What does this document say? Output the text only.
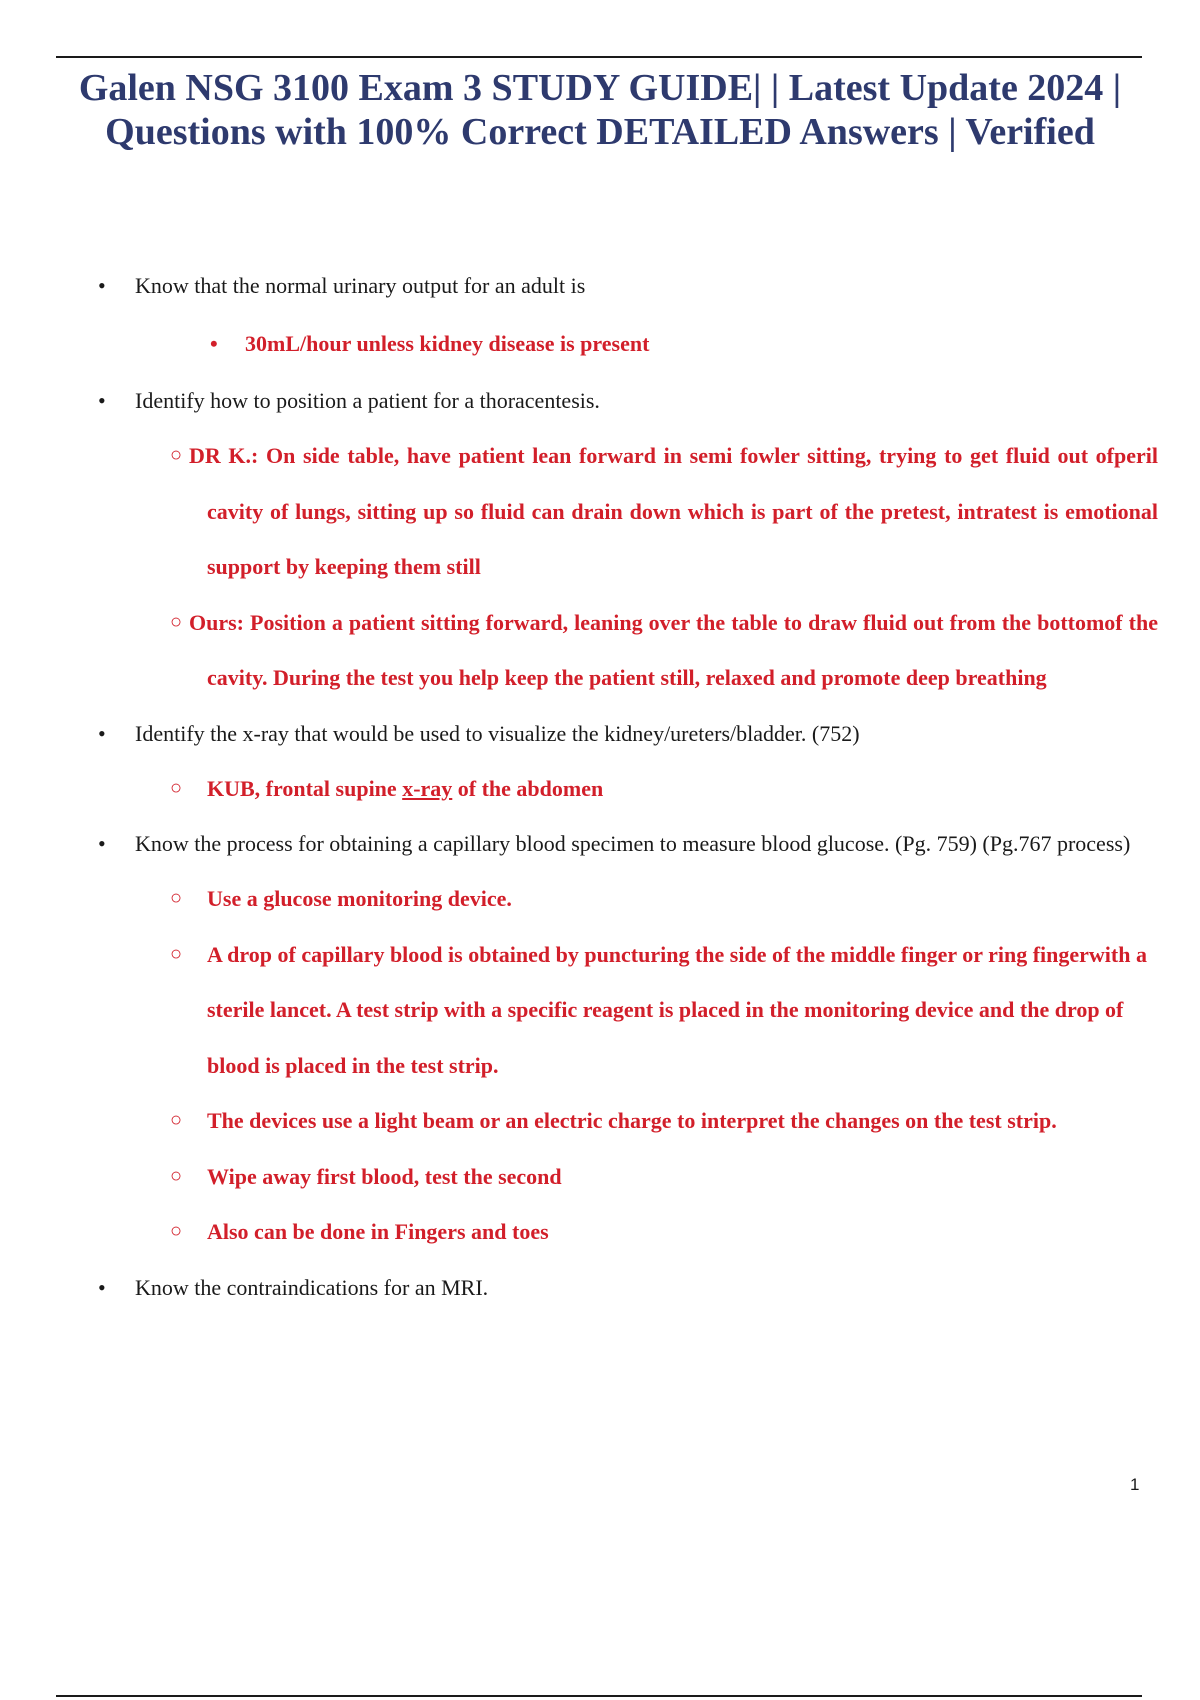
Galen NSG 3100 Exam 3 STUDY GUIDE| | Latest Update 2024 |
Questions with 100% Correct DETAILED Answers | Verified
• Know that the normal urinary output for an adult is
• 30mL/hour unless kidney disease is present
• Identify how to position a patient for a thoracentesis.
○ DR K.: On side table, have patient lean forward in semi fowler sitting, trying to get fluid out ofperil cavity of lungs, sitting up so fluid can drain down which is part of the pretest, intratest is emotional support by keeping them still
○ Ours: Position a patient sitting forward, leaning over the table to draw fluid out from the bottomof the cavity. During the test you help keep the patient still, relaxed and promote deep breathing
• Identify the x-ray that would be used to visualize the kidney/ureters/bladder. (752)
○ KUB, frontal supine x-ray of the abdomen
• Know the process for obtaining a capillary blood specimen to measure blood glucose. (Pg. 759) (Pg.767 process)
○ Use a glucose monitoring device.
○ A drop of capillary blood is obtained by puncturing the side of the middle finger or ring fingerwith a sterile lancet. A test strip with a specific reagent is placed in the monitoring device and the drop of blood is placed in the test strip.
○ The devices use a light beam or an electric charge to interpret the changes on the test strip.
○ Wipe away first blood, test the second
○ Also can be done in Fingers and toes
• Know the contraindications for an MRI.
1
